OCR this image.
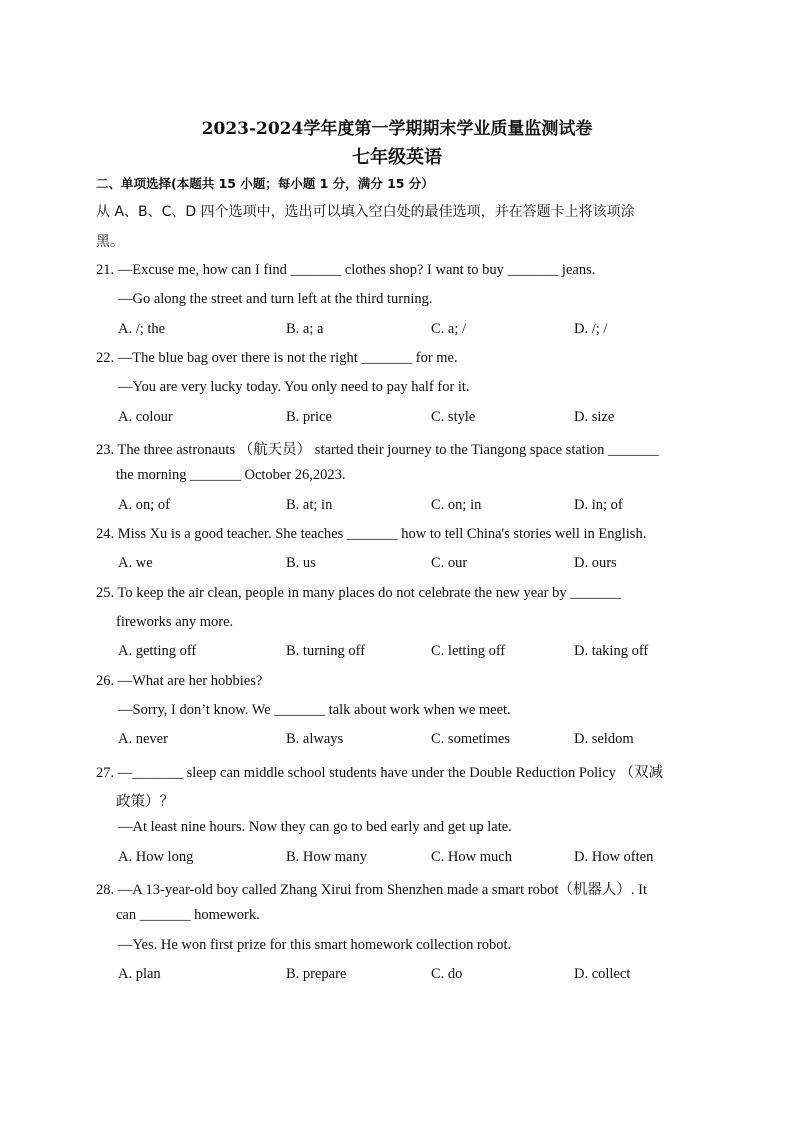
2023-2024学年度第一学期期末学业质量监测试卷
七年级英语
二、单项选择(本题共 15 小题；每小题 1 分，满分 15 分）
从 A、B、C、D 四个选项中，选出可以填入空白处的最佳选项，并在答题卡上将该项涂
黑。
21. —Excuse me, how can I find _______ clothes shop? I want to buy _______ jeans.
—Go along the street and turn left at the third turning.
A. /; the	B. a; a	C. a; /	D. /; /
22. —The blue bag over there is not the right _______ for me.
—You are very lucky today. You only need to pay half for it.
A. colour	B. price	C. style	D. size
23. The three astronauts （航天员） started their journey to the Tiangong space station _______
the morning _______ October 26,2023.
A. on; of	B. at; in	C. on; in	D. in; of
24. Miss Xu is a good teacher. She teaches _______ how to tell China's stories well in English.
A. we	B. us	C. our	D. ours
25. To keep the air clean, people in many places do not celebrate the new year by _______
fireworks any more.
A. getting off	B. turning off	C. letting off	D. taking off
26. —What are her hobbies?
—Sorry, I don’t know. We _______ talk about work when we meet.
A. never	B. always	C. sometimes	D. seldom
27. —_______ sleep can middle school students have under the Double Reduction Policy （双减
政策）？
—At least nine hours. Now they can go to bed early and get up late.
A. How long	B. How many	C. How much	D. How often
28. —A 13-year-old boy called Zhang Xirui from Shenzhen made a smart robot（机器人）. It
can _______ homework.
—Yes. He won first prize for this smart homework collection robot.
A. plan	B. prepare	C. do	D. collect
